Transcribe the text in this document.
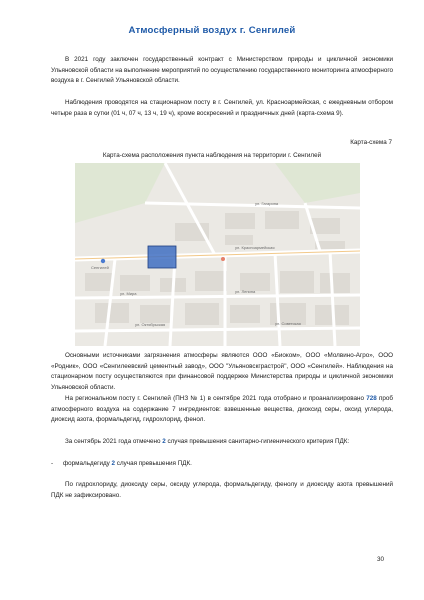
Атмосферный воздух г. Сенгилей
В 2021 году заключен государственный контракт с Министерством природы и цикличной экономики Ульяновской области на выполнение мероприятий по осуществлению государственного мониторинга атмосферного воздуха в г. Сенгилей Ульяновской области.
Наблюдения проводятся на стационарном посту в г. Сенгилей, ул. Красноармейская, с ежедневным отбором четыре раза в сутки (01 ч, 07 ч, 13 ч, 19 ч), кроме воскресений и праздничных дней (карта-схема 9).
Карта-схема 7
Карта-схема расположения пункта наблюдения на территории г. Сенгилей
Сенгилей
ул. Красноармейская
ул. Мира	ул. Ленина
ул. Октябрьская	ул. Советская
ул. Гагарина
Основными источниками загрязнения атмосферы являются ООО «Биоком», ООО «Молвино-Агро», ООО «Родник», ООО «Сенгилеевский цементный завод», ООО "Ульяновскгрaстрой", ООО «Сенгилей». Наблюдения на стационарном посту осуществляются при финансовой поддержке Министерства природы и цикличной экономики Ульяновской области.
На региональном посту г. Сенгилей (ПНЗ № 1) в сентябре 2021 года отобрано и проанализировано 728 проб атмосферного воздуха на содержание 7 ингредиентов: взвешенные вещества, диоксид серы, оксид углерода, диоксид азота, формальдегид, гидрохлорид, фенол.
За сентябрь 2021 года отмечено 2 случая превышения санитарно-гигиенического критерия ПДК:
- формальдегиду 2 случая превышения ПДК.
По гидрохлориду, диоксиду серы, оксиду углерода, формальдегиду, фенолу и диоксиду азота превышений ПДК не зафиксировано.
30
